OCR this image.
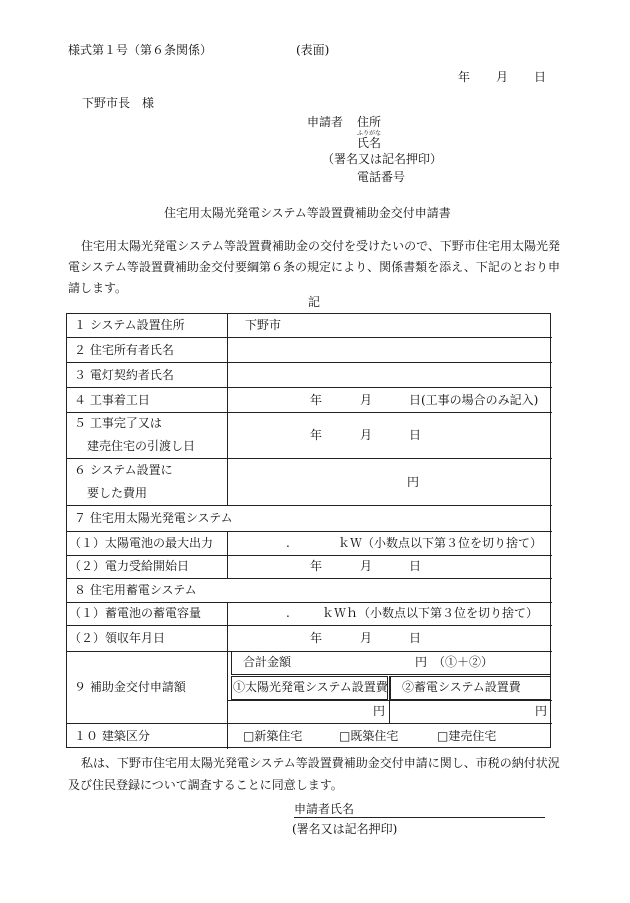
様式第１号（第６条関係）	(表面)
年 月 日
下野市長　様
申請者 住所
ふりがな
氏名
（署名又は記名押印）
電話番号
住宅用太陽光発電システム等設置費補助金交付申請書
住宅用太陽光発電システム等設置費補助金の交付を受けたいので、下野市住宅用太陽光発電システム等設置費補助金交付要綱第６条の規定により、関係書類を添え、下記のとおり申請します。
記
１ システム設置住所	下野市
２ 住宅所有者氏名
３ 電灯契約者氏名
４ 工事着工日	年	月	日(工事の場合のみ記入)
５ 工事完了又は
建売住宅の引渡し日
年	月	日
６ システム設置に
要した費用
円
７ 住宅用太陽光発電システム
（１）太陽電池の最大出力	.	ｋＷ（小数点以下第３位を切り捨て）
（２）電力受給開始日	年	月	日
８ 住宅用蓄電システム
（１）蓄電池の蓄電容量	.	ｋＷｈ（小数点以下第３位を切り捨て）
（２）領収年月日	年	月	日
９ 補助金交付申請額
合計金額	円　（①＋②）
①太陽光発電システム設置費 ②蓄電システム設置費
円	円
１０ 建築区分	□新築住宅	□既築住宅	□建売住宅
私は、下野市住宅用太陽光発電システム等設置費補助金交付申請に関し、市税の納付状況及び住民登録について調査することに同意します。
申請者氏名
(署名又は記名押印)
